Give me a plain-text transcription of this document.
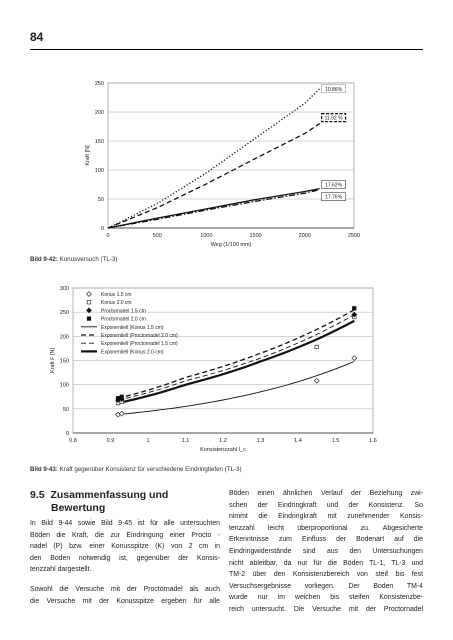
84
0
50
100
150
200
250
0	500	1000	1500	2000	2500
Weg (1/100 mm)
Kraft [N]
10.86%
11.92 %
17.62%
17.76%
Bild 9-42: Konusversuch (TL-3)
0
50
100
150
200
250
300
0.8	0.9	1	1.1	1.2	1.3	1.4	1.5	1.6
Konsistenzzahl I_c
Kraft F [N]
Konus 1.5 cm
Konus 2.0 cm
Proctornadel 1.5 cm
Proctornadel 2.0 cm
Exponentiell (Konus 1.5 cm)
Exponentiell (Proctornadel 2.0 cm)
Exponentiell (Proctornadel 1.5 cm)
Exponentiell (Konus 2.0 cm)
Bild 9-43: Kraft gegenüber Konsistenz für verschiedene Eindringtiefen (TL-3)
9.5 Zusammenfassung und
Bewertung
In Bild 9-44 sowie Bild 9-45 ist für alle untersuchten
Böden die Kraft, die zur Eindringung einer Procto -
nadel (P) bzw. einer Konusspitze (K) von 2 cm in
den Boden notwendig ist, gegenüber der Konsis-
tenzzahl dargestellt.
Sowohl die Versuche mit der Proctornadel als auch
die Versuche mit der Konusspitze ergeben für alle
Böden einen ähnlichen Verlauf der Beziehung zwi-
schen der Eindringkraft und der Konsistenz. So
nimmt die Eindringkraft mit zunehmender Konsis-
tenzzahl leicht überproportional zu. Abgesicherte
Erkenntnisse zum Einfluss der Bodenart auf die
Eindringwiderstände sind aus den Untersuchungen
nicht ableitbar, da nur für die Böden TL-1, TL-3 und
TM-2 über den Konsistenzbereich von steif bis fest
Versuchsergebnisse vorliegen. Der Boden TM-4
wurde nur im weichen bis steifen Konsistenzbe-
reich untersucht. Die Versuche mit der Proctornadel
